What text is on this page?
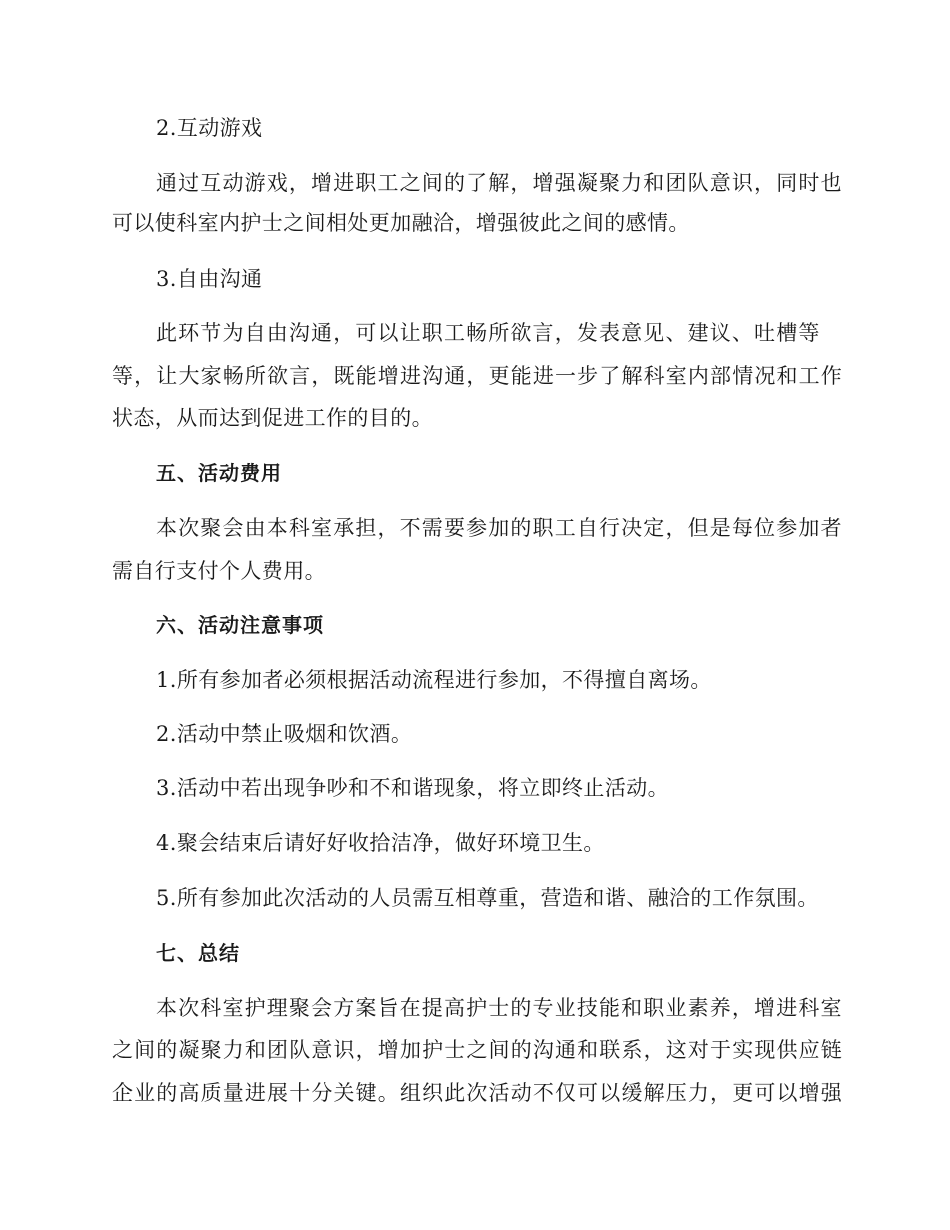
2.互动游戏
通过互动游戏，增进职工之间的了解，增强凝聚力和团队意识，同时也
可以使科室内护士之间相处更加融洽，增强彼此之间的感情。
3.自由沟通
此环节为自由沟通，可以让职工畅所欲言，发表意见、建议、吐槽等
等，让大家畅所欲言，既能增进沟通，更能进一步了解科室内部情况和工作
状态，从而达到促进工作的目的。
五、活动费用
本次聚会由本科室承担，不需要参加的职工自行决定，但是每位参加者
需自行支付个人费用。
六、活动注意事项
1.所有参加者必须根据活动流程进行参加，不得擅自离场。
2.活动中禁止吸烟和饮酒。
3.活动中若出现争吵和不和谐现象，将立即终止活动。
4.聚会结束后请好好收拾洁净，做好环境卫生。
5.所有参加此次活动的人员需互相尊重，营造和谐、融洽的工作氛围。
七、总结
本次科室护理聚会方案旨在提高护士的专业技能和职业素养，增进科室
之间的凝聚力和团队意识，增加护士之间的沟通和联系，这对于实现供应链
企业的高质量进展十分关键。组织此次活动不仅可以缓解压力，更可以增强
